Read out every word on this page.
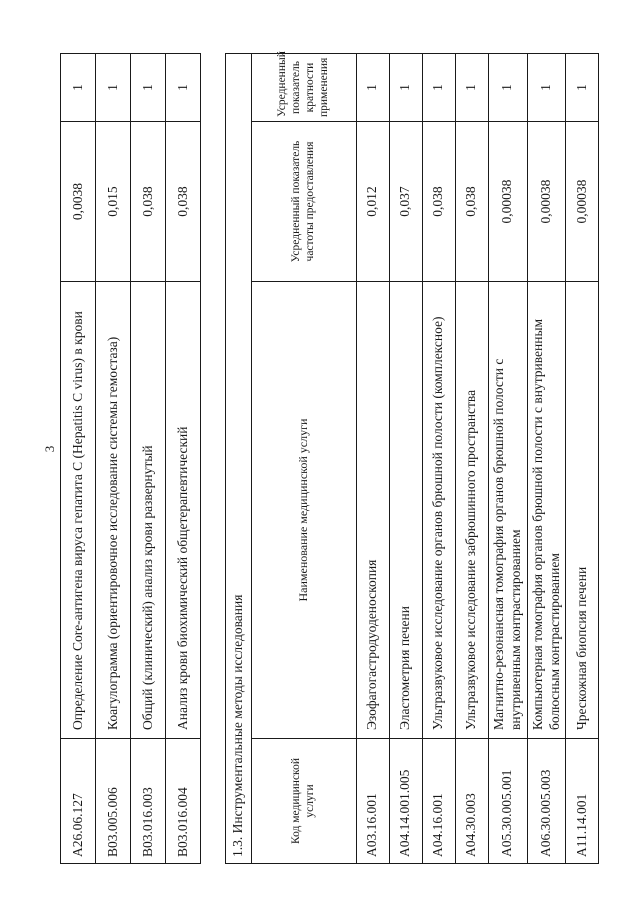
3
A26.06.127	Определение Core-антигена вируса гепатита С (Hepatitis C virus) в крови	0,0038	1
B03.005.006	Коагулограмма (ориентировочное исследование системы гемостаза)	0,015	1
B03.016.003	Общий (клинический) анализ крови развернутый	0,038	1
B03.016.004	Анализ крови биохимический общетерапевтический	0,038	1
1.3. Инструментальные методы исследования			
Код медицинской услуги	Наименование медицинской услуги	Усредненный показатель частоты предоставления	Усредненный показатель кратности применения
A03.16.001	Эзофагогастродуоденоскопия	0,012	1
A04.14.001.005	Эластометрия печени	0,037	1
A04.16.001	Ультразвуковое исследование органов брюшной полости (комплексное)	0,038	1
A04.30.003	Ультразвуковое исследование забрюшинного пространства	0,038	1
A05.30.005.001	Магнитно-резонансная томография органов брюшной полости с внутривенным контрастированием	0,00038	1
A06.30.005.003	Компьютерная томография органов брюшной полости с внутривенным болюсным контрастированием	0,00038	1
A11.14.001	Чрескожная биопсия печени	0,00038	1
